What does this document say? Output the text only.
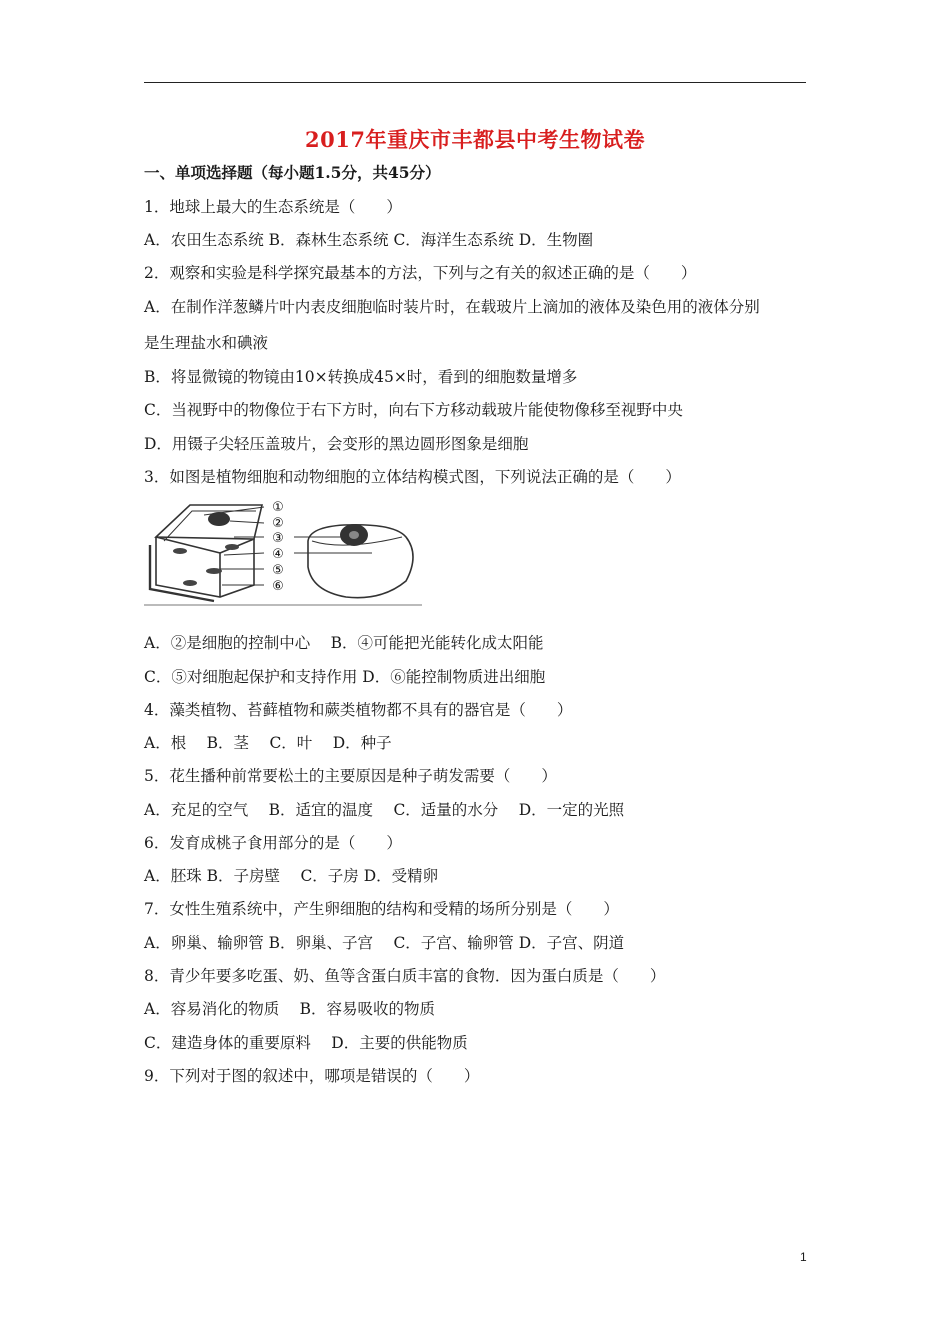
2017年重庆市丰都县中考生物试卷
一、单项选择题（每小题1.5分，共45分）
1．地球上最大的生态系统是（　　）
A．农田生态系统 B．森林生态系统 C．海洋生态系统 D．生物圈
2．观察和实验是科学探究最基本的方法，下列与之有关的叙述正确的是（　　）
A．在制作洋葱鳞片叶内表皮细胞临时装片时，在载玻片上滴加的液体及染色用的液体分别
是生理盐水和碘液
B．将显微镜的物镜由10×转换成45×时，看到的细胞数量增多
C．当视野中的物像位于右下方时，向右下方移动载玻片能使物像移至视野中央
D．用镊子尖轻压盖玻片，会变形的黑边圆形图象是细胞
3．如图是植物细胞和动物细胞的立体结构模式图，下列说法正确的是（　　）
①
②
③
④
⑤
⑥
A．②是细胞的控制中心　 B．④可能把光能转化成太阳能
C．⑤对细胞起保护和支持作用 D．⑥能控制物质进出细胞
4．藻类植物、苔藓植物和蕨类植物都不具有的器官是（　　）
A．根　 B．茎　 C．叶　 D．种子
5．花生播种前常要松土的主要原因是种子萌发需要（　　）
A．充足的空气　 B．适宜的温度　 C．适量的水分　 D．一定的光照
6．发育成桃子食用部分的是（　　）
A．胚珠 B．子房壁　 C．子房 D．受精卵
7．女性生殖系统中，产生卵细胞的结构和受精的场所分别是（　　）
A．卵巢、输卵管 B．卵巢、子宫　 C．子宫、输卵管 D．子宫、阴道
8．青少年要多吃蛋、奶、鱼等含蛋白质丰富的食物．因为蛋白质是（　　）
A．容易消化的物质　 B．容易吸收的物质
C．建造身体的重要原料　 D．主要的供能物质
9．下列对于图的叙述中，哪项是错误的（　　）
1
